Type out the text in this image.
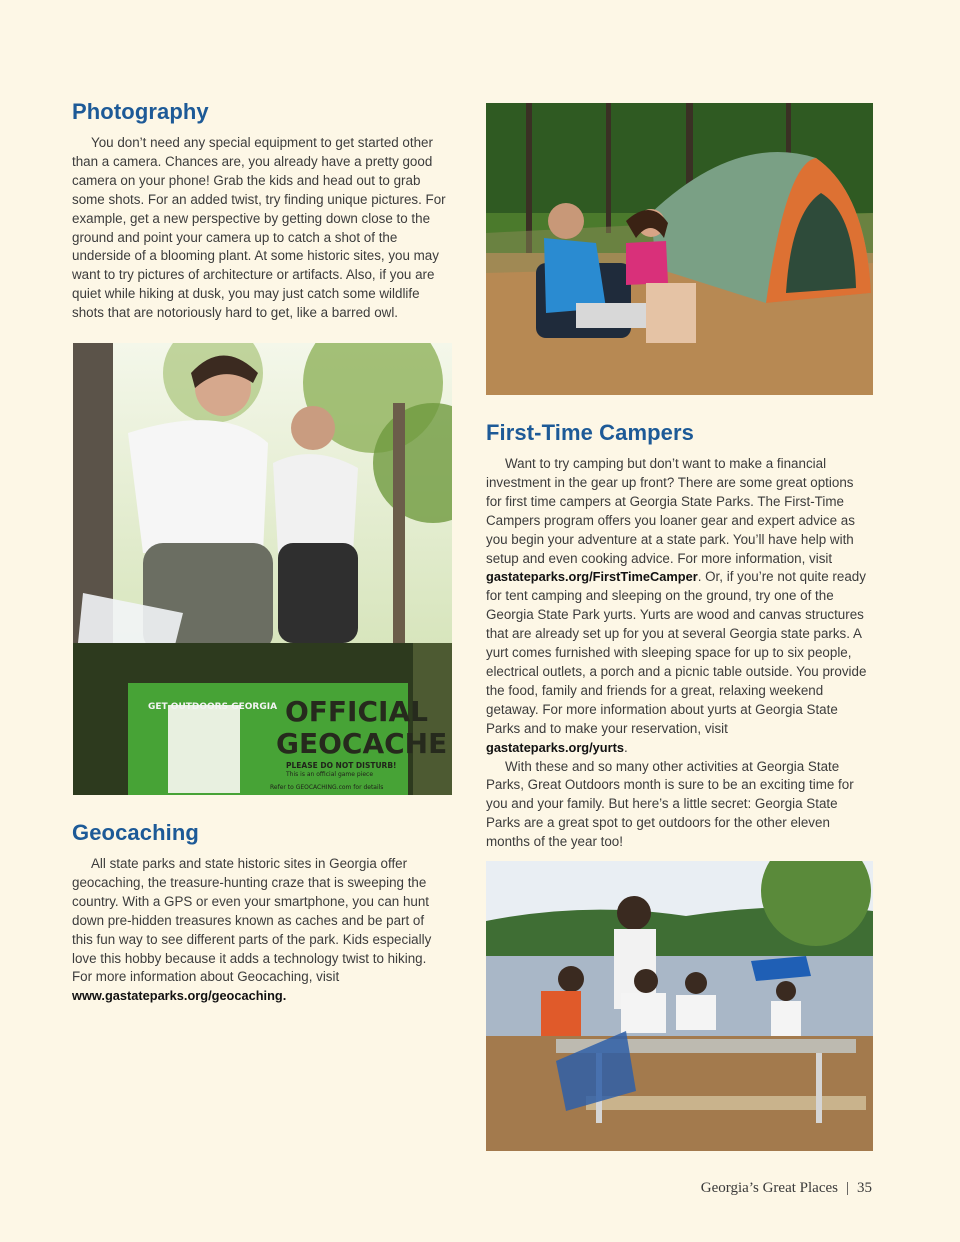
Photography

You don’t need any special equipment to get started other than a camera. Chances are, you already have a pretty good camera on your phone! Grab the kids and head out to grab some shots. For an added twist, try finding unique pictures. For example, get a new perspective by getting down close to the ground and point your camera up to catch a shot of the underside of a blooming plant. At some historic sites, you may want to try pictures of architecture or artifacts. Also, if you are quiet while hiking at dusk, you may just catch some wildlife shots that are notoriously hard to get, like a barred owl.

GET OUTDOORS GEORGIA OFFICIAL
GEOCACHE
PLEASE DO NOT DISTURB!
This is an official game piece
Refer to GEOCACHING.com for details
Geocaching

All state parks and state historic sites in Georgia offer geocaching, the treasure-hunting craze that is sweeping the country. With a GPS or even your smartphone, you can hunt down pre-hidden treasures known as caches and be part of this fun way to see different parts of the park. Kids especially love this hobby because it adds a technology twist to hiking. For more information about Geocaching, visit www.gastateparks.org/geocaching.

First-Time Campers

Want to try camping but don’t want to make a financial investment in the gear up front? There are some great options for first time campers at Georgia State Parks. The First-Time Campers program offers you loaner gear and expert advice as you begin your adventure at a state park. You’ll have help with setup and even cooking advice. For more information, visit gastateparks.org/FirstTimeCamper. Or, if you’re not quite ready for tent camping and sleeping on the ground, try one of the Georgia State Park yurts. Yurts are wood and canvas structures that are already set up for you at several Georgia state parks. A yurt comes furnished with sleeping space for up to six people, electrical outlets, a porch and a picnic table outside. You provide the food, family and friends for a great, relaxing weekend getaway. For more information about yurts at Georgia State Parks and to make your reservation, visit gastateparks.org/yurts.

With these and so many other activities at Georgia State Parks, Great Outdoors month is sure to be an exciting time for you and your family. But here’s a little secret: Georgia State Parks are a great spot to get outdoors for the other eleven months of the year too!

Georgia’s Great Places | 35
